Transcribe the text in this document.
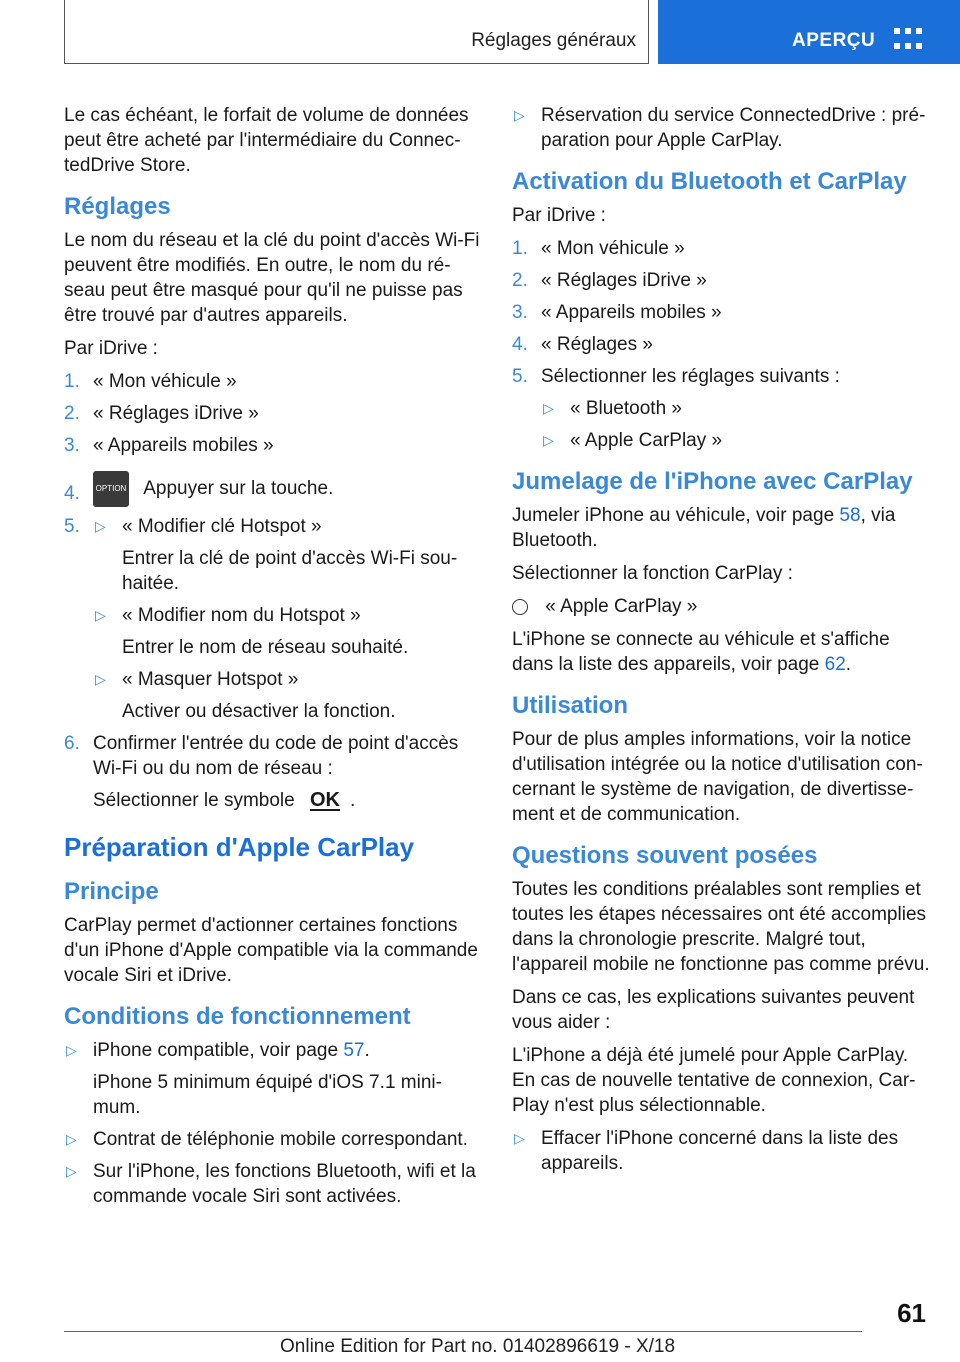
Réglages généraux	APERÇU

Le cas échéant, le forfait de volume de données peut être acheté par l'intermédiaire du ConnectedDrive Store.

Réglages

Le nom du réseau et la clé du point d'accès Wi-Fi peuvent être modifiés. En outre, le nom du réseau peut être masqué pour qu'il ne puisse pas être trouvé par d'autres appareils.

Par iDrive :

1. « Mon véhicule »
2. « Réglages iDrive »
3. « Appareils mobiles »
4. OPTION Appuyer sur la touche.
5. ▷ « Modifier clé Hotspot »
Entrer la clé de point d'accès Wi-Fi souhaitée.
▷ « Modifier nom du Hotspot »
Entrer le nom de réseau souhaité.
▷ « Masquer Hotspot »
Activer ou désactiver la fonction.
6. Confirmer l'entrée du code de point d'accès Wi-Fi ou du nom de réseau :
Sélectionner le symbole OK .
Préparation d'Apple CarPlay
Principe

CarPlay permet d'actionner certaines fonctions d'un iPhone d'Apple compatible via la commande vocale Siri et iDrive.

Conditions de fonctionnement
▷ iPhone compatible, voir page 57.
iPhone 5 minimum équipé d'iOS 7.1 minimum.
▷ Contrat de téléphonie mobile correspondant.
▷ Sur l'iPhone, les fonctions Bluetooth, wifi et la commande vocale Siri sont activées.
▷ Réservation du service ConnectedDrive : préparation pour Apple CarPlay.
Activation du Bluetooth et CarPlay

Par iDrive :

1. « Mon véhicule »
2. « Réglages iDrive »
3. « Appareils mobiles »
4. « Réglages »
5. Sélectionner les réglages suivants :
▷ « Bluetooth »
▷ « Apple CarPlay »
Jumelage de l'iPhone avec CarPlay

Jumeler iPhone au véhicule, voir page 58, via Bluetooth.

Sélectionner la fonction CarPlay :

« Apple CarPlay »

L'iPhone se connecte au véhicule et s'affiche dans la liste des appareils, voir page 62.

Utilisation

Pour de plus amples informations, voir la notice d'utilisation intégrée ou la notice d'utilisation concernant le système de navigation, de divertissement et de communication.

Questions souvent posées

Toutes les conditions préalables sont remplies et toutes les étapes nécessaires ont été accomplies dans la chronologie prescrite. Malgré tout, l'appareil mobile ne fonctionne pas comme prévu.

Dans ce cas, les explications suivantes peuvent vous aider :

L'iPhone a déjà été jumelé pour Apple CarPlay. En cas de nouvelle tentative de connexion, CarPlay n'est plus sélectionnable.

▷ Effacer l'iPhone concerné dans la liste des appareils.
61
Online Edition for Part no. 01402896619 - X/18
